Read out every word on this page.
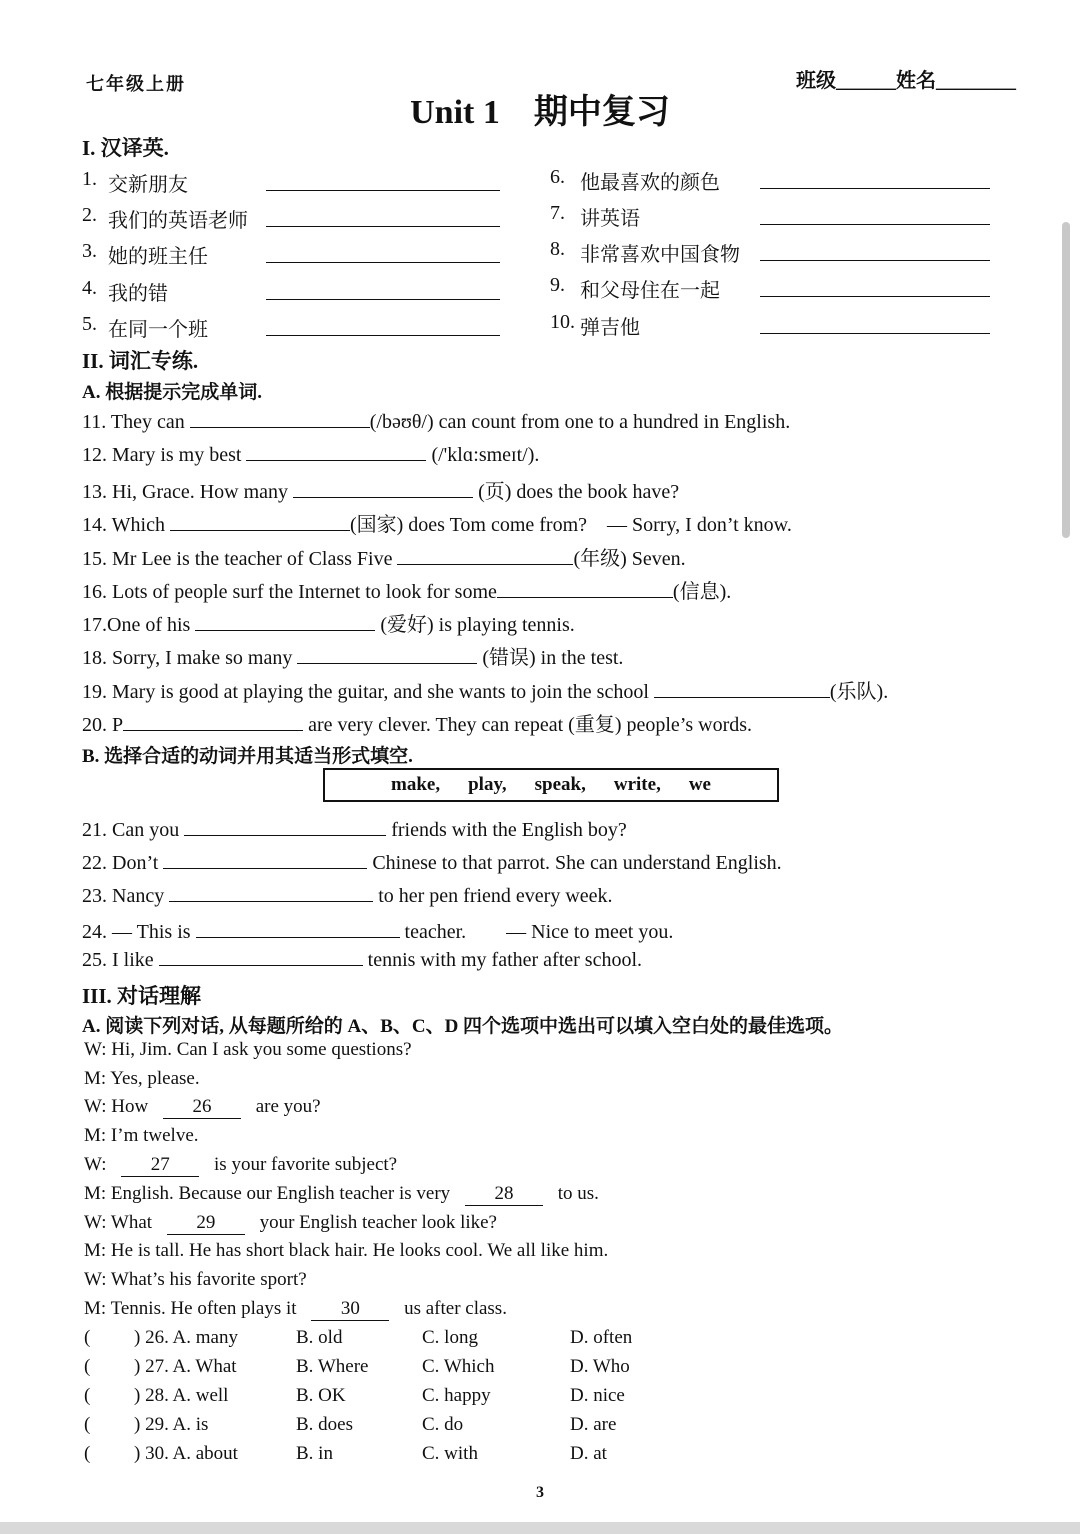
七年级上册	班级______姓名________
Unit 1　期中复习
I. 汉译英.
1. 交新朋友
2. 我们的英语老师
3. 她的班主任
4. 我的错
5. 在同一个班
6. 他最喜欢的颜色
7. 讲英语
8. 非常喜欢中国食物
9. 和父母住在一起
10. 弹吉他
II. 词汇专练.
A. 根据提示完成单词.
11. They can	(/bəʊθ/) can count from one to a hundred in English.
12. Mary is my best	(/'klɑ:smeɪt/).
13. Hi, Grace. How many	(页) does the book have?
14. Which	(国家) does Tom come from?　— Sorry, I don’t know.
15. Mr Lee is the teacher of Class Five	(年级) Seven.
16. Lots of people surf the Internet to look for some	(信息).
17.One of his	(爱好) is playing tennis.
18. Sorry, I make so many	(错误) in the test.
19. Mary is good at playing the guitar, and she wants to join the school	(乐队).
20. P	are very clever. They can repeat (重复) people’s words.
B. 选择合适的动词并用其适当形式填空.
make, play, speak, write, we
21. Can you	friends with the English boy?
22. Don’t	Chinese to that parrot. She can understand English.
23. Nancy	to her pen friend every week.
24. — This is	teacher.　　— Nice to meet you.
25. I like	tennis with my father after school.
III. 对话理解
A. 阅读下列对话, 从每题所给的 A、B、C、D 四个选项中选出可以填入空白处的最佳选项。
W: Hi, Jim. Can I ask you some questions?
M: Yes, please.
W: How 26 are you?
M: I’m twelve.
W: 27 is your favorite subject?
M: English. Because our English teacher is very 28 to us.
W: What 29 your English teacher look like?
M: He is tall. He has short black hair. He looks cool. We all like him.
W: What’s his favorite sport?
M: Tennis. He often plays it 30 us after class.
( ) 26. A. many	B. old	C. long	D. often
( ) 27. A. What	B. Where	C. Which	D. Who
( ) 28. A. well	B. OK	C. happy	D. nice
( ) 29. A. is	B. does	C. do	D. are
( ) 30. A. about	B. in	C. with	D. at
3
